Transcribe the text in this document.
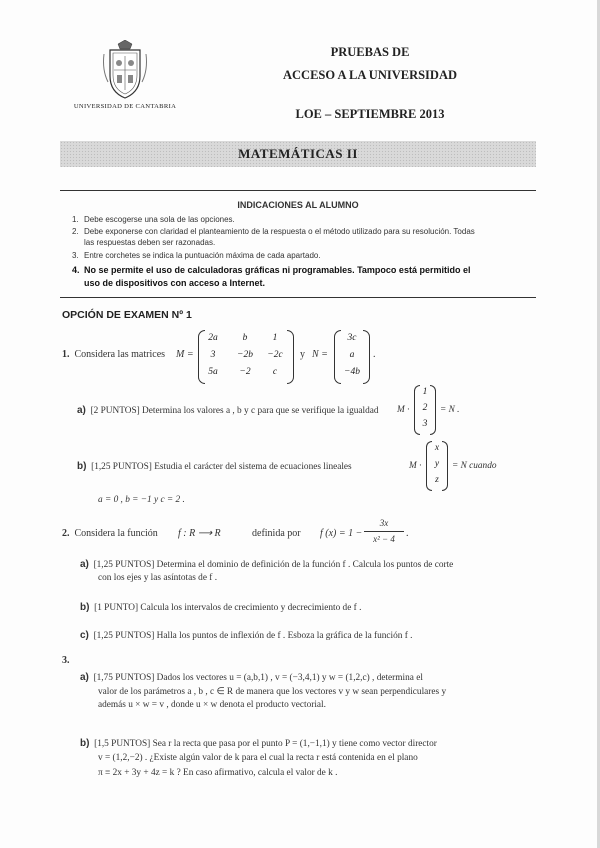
UNIVERSIDAD DE CANTABRIA
PRUEBAS DE
ACCESO A LA UNIVERSIDAD
LOE – SEPTIEMBRE 2013
MATEMÁTICAS II
INDICACIONES AL ALUMNO
1. Debe escogerse una sola de las opciones.
2. Debe exponerse con claridad el planteamiento de la respuesta o el método utilizado para su resolución. Todas
las respuestas deben ser razonadas.
3. Entre corchetes se indica la puntuación máxima de cada apartado.
4. No se permite el uso de calculadoras gráficas ni programables. Tampoco está permitido el
uso de dispositivos con acceso a Internet.
OPCIÓN DE EXAMEN Nº 1
1. Considera las matrices M =
2a	b	1
3	−2b	−2c
5a	−2	c
y N =
3c
a
−4b
.
a) [2 PUNTOS] Determina los valores a , b y c para que se verifique la igualdad M ·
1
2
3
= N .
b) [1,25 PUNTOS] Estudia el carácter del sistema de ecuaciones lineales	M ·
x
y
z
= N cuando
a = 0 , b = −1 y c = 2 .
2. Considera la función f : R ⟶ R	definida por f (x) = 1 −
3x
x² − 4	.
a) [1,25 PUNTOS] Determina el dominio de definición de la función f . Calcula los puntos de corte
con los ejes y las asíntotas de f .
b) [1 PUNTO] Calcula los intervalos de crecimiento y decrecimiento de f .
c) [1,25 PUNTOS] Halla los puntos de inflexión de f . Esboza la gráfica de la función f .
3.
a) [1,75 PUNTOS] Dados los vectores u = (a,b,1) , v = (−3,4,1) y w = (1,2,c) , determina el
valor de los parámetros a , b , c ∈ R de manera que los vectores v y w sean perpendiculares y
además u × w = v , donde u × w denota el producto vectorial.
b) [1,5 PUNTOS] Sea r la recta que pasa por el punto P = (1,−1,1) y tiene como vector director
v = (1,2,−2) . ¿Existe algún valor de k para el cual la recta r está contenida en el plano
π ≡ 2x + 3y + 4z = k ? En caso afirmativo, calcula el valor de k .
